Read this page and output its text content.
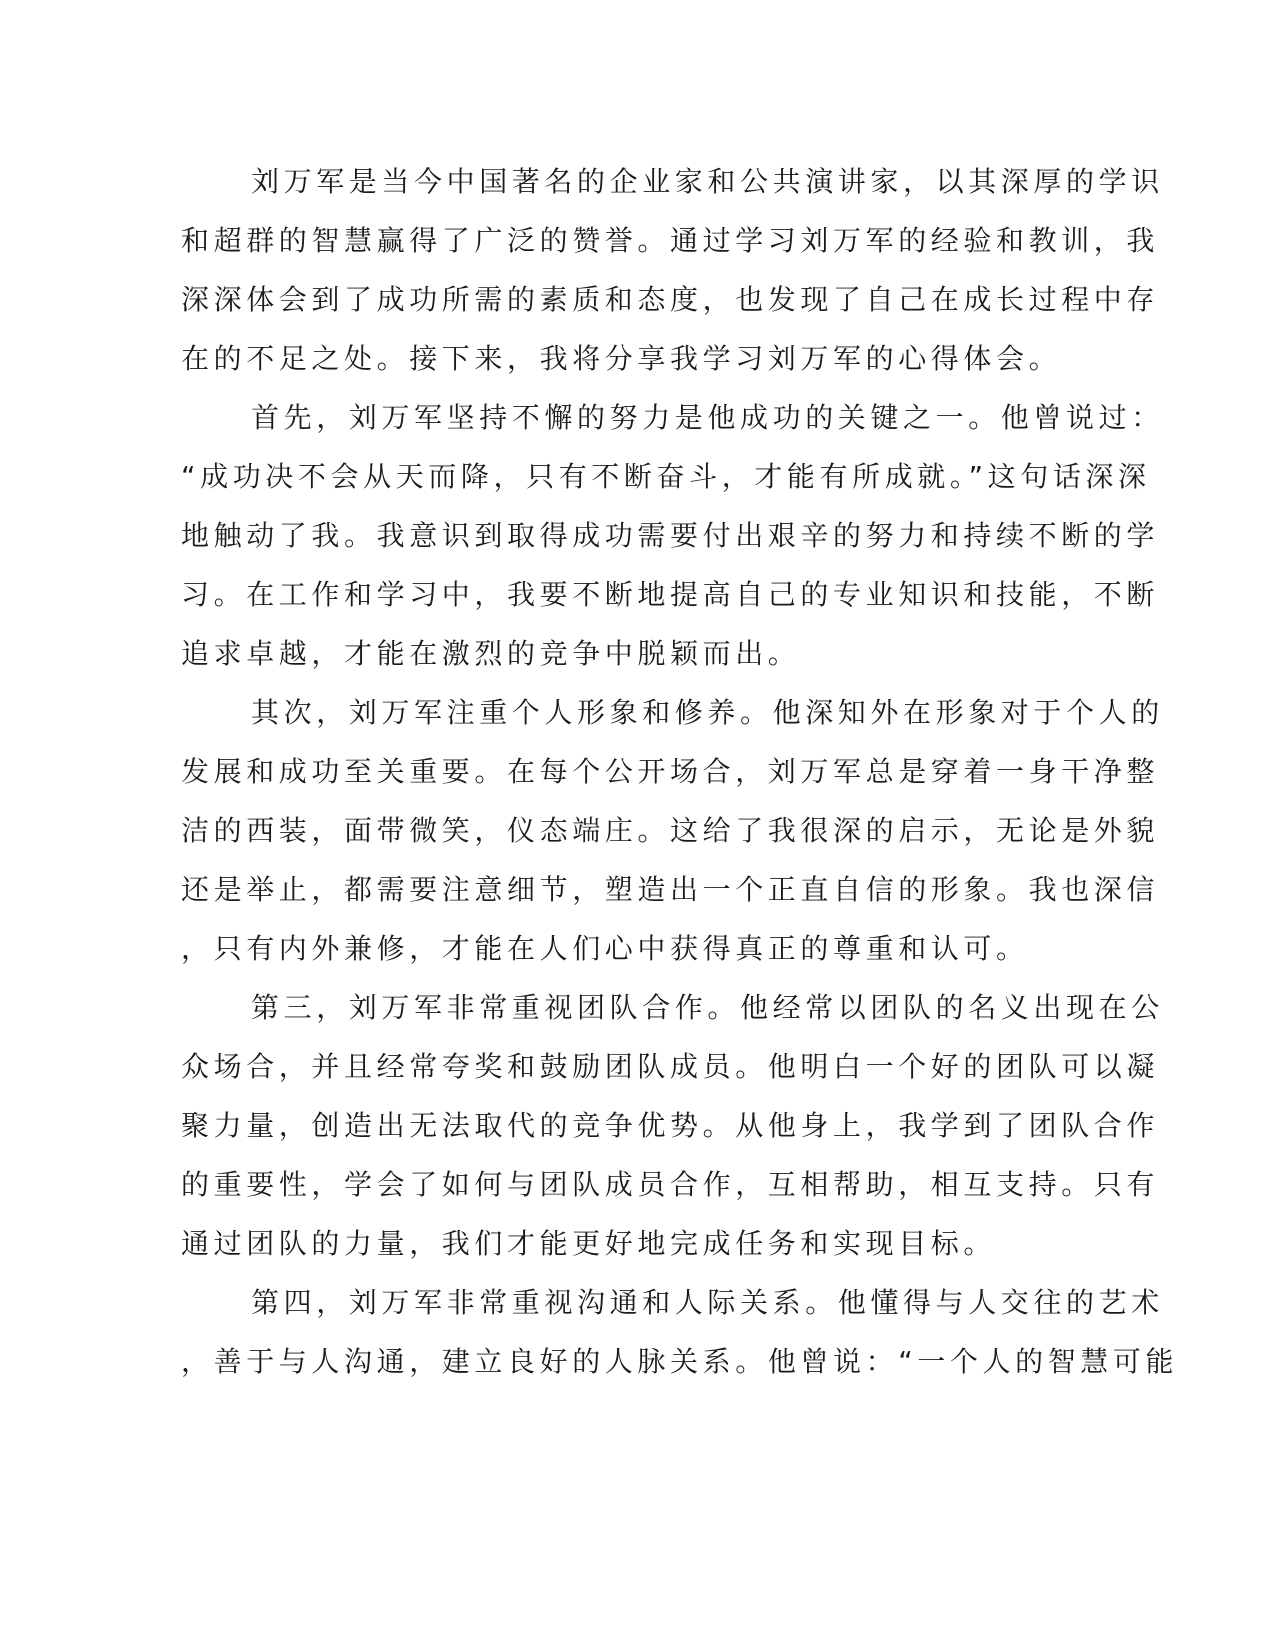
刘万军是当今中国著名的企业家和公共演讲家，以其深厚的学识
和超群的智慧赢得了广泛的赞誉。通过学习刘万军的经验和教训，我
深深体会到了成功所需的素质和态度，也发现了自己在成长过程中存
在的不足之处。接下来，我将分享我学习刘万军的心得体会。
首先，刘万军坚持不懈的努力是他成功的关键之一。他曾说过：
“成功决不会从天而降，只有不断奋斗，才能有所成就。”这句话深深
地触动了我。我意识到取得成功需要付出艰辛的努力和持续不断的学
习。在工作和学习中，我要不断地提高自己的专业知识和技能，不断
追求卓越，才能在激烈的竞争中脱颖而出。
其次，刘万军注重个人形象和修养。他深知外在形象对于个人的
发展和成功至关重要。在每个公开场合，刘万军总是穿着一身干净整
洁的西装，面带微笑，仪态端庄。这给了我很深的启示，无论是外貌
还是举止，都需要注意细节，塑造出一个正直自信的形象。我也深信
，只有内外兼修，才能在人们心中获得真正的尊重和认可。
第三，刘万军非常重视团队合作。他经常以团队的名义出现在公
众场合，并且经常夸奖和鼓励团队成员。他明白一个好的团队可以凝
聚力量，创造出无法取代的竞争优势。从他身上，我学到了团队合作
的重要性，学会了如何与团队成员合作，互相帮助，相互支持。只有
通过团队的力量，我们才能更好地完成任务和实现目标。
第四，刘万军非常重视沟通和人际关系。他懂得与人交往的艺术
，善于与人沟通，建立良好的人脉关系。他曾说：“一个人的智慧可能
